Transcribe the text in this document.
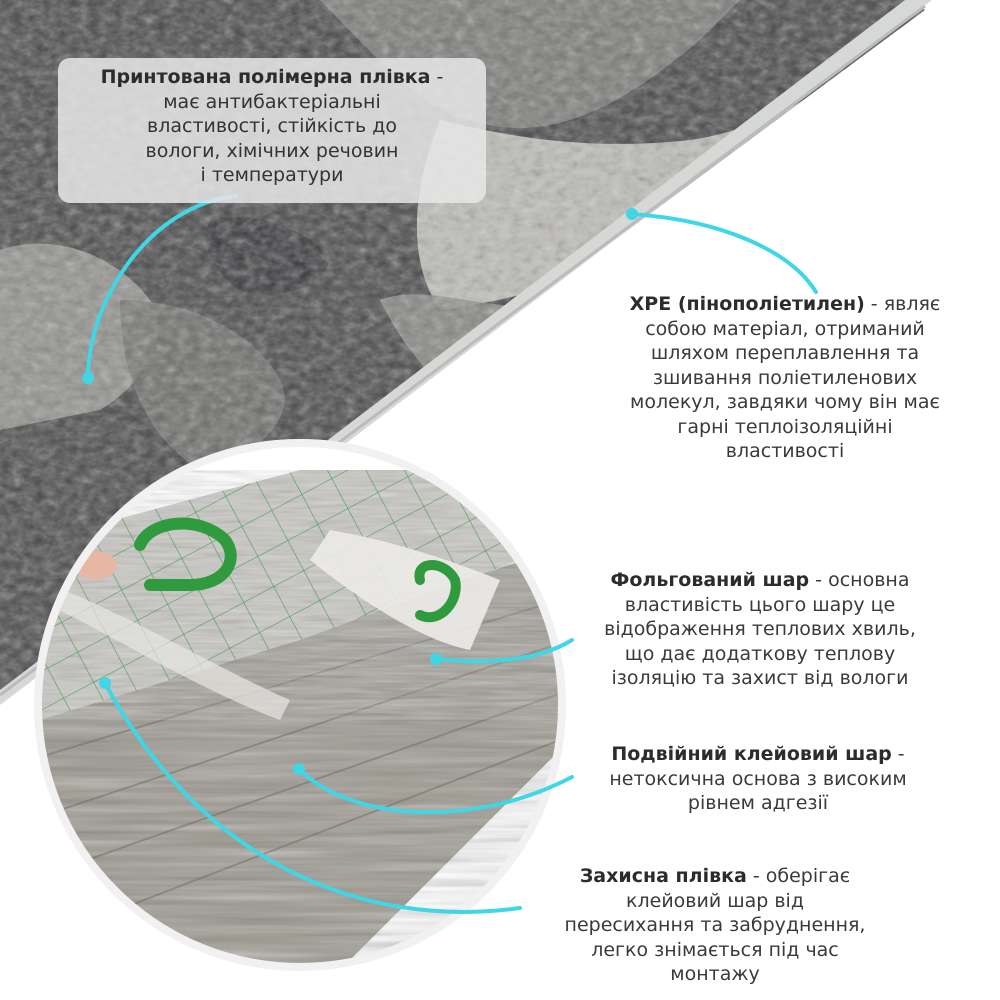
Принтована полімерна плівка -
має антибактеріальні
властивості, стійкість до
вологи, хімічних речовин
і температури
ХРЕ (пінополіетилен) - являє
собою матеріал, отриманий
шляхом переплавлення та
зшивання поліетиленових
молекул, завдяки чому він має
гарні теплоізоляційні
властивості
Фольгований шар - основна
властивість цього шару це
відображення теплових хвиль,
що дає додаткову теплову
ізоляцію та захист від вологи
Подвійний клейовий шар -
нетоксична основа з високим
рівнем адгезії
Захисна плівка - оберігає
клейовий шар від
пересихання та забруднення,
легко знімається під час
монтажу
